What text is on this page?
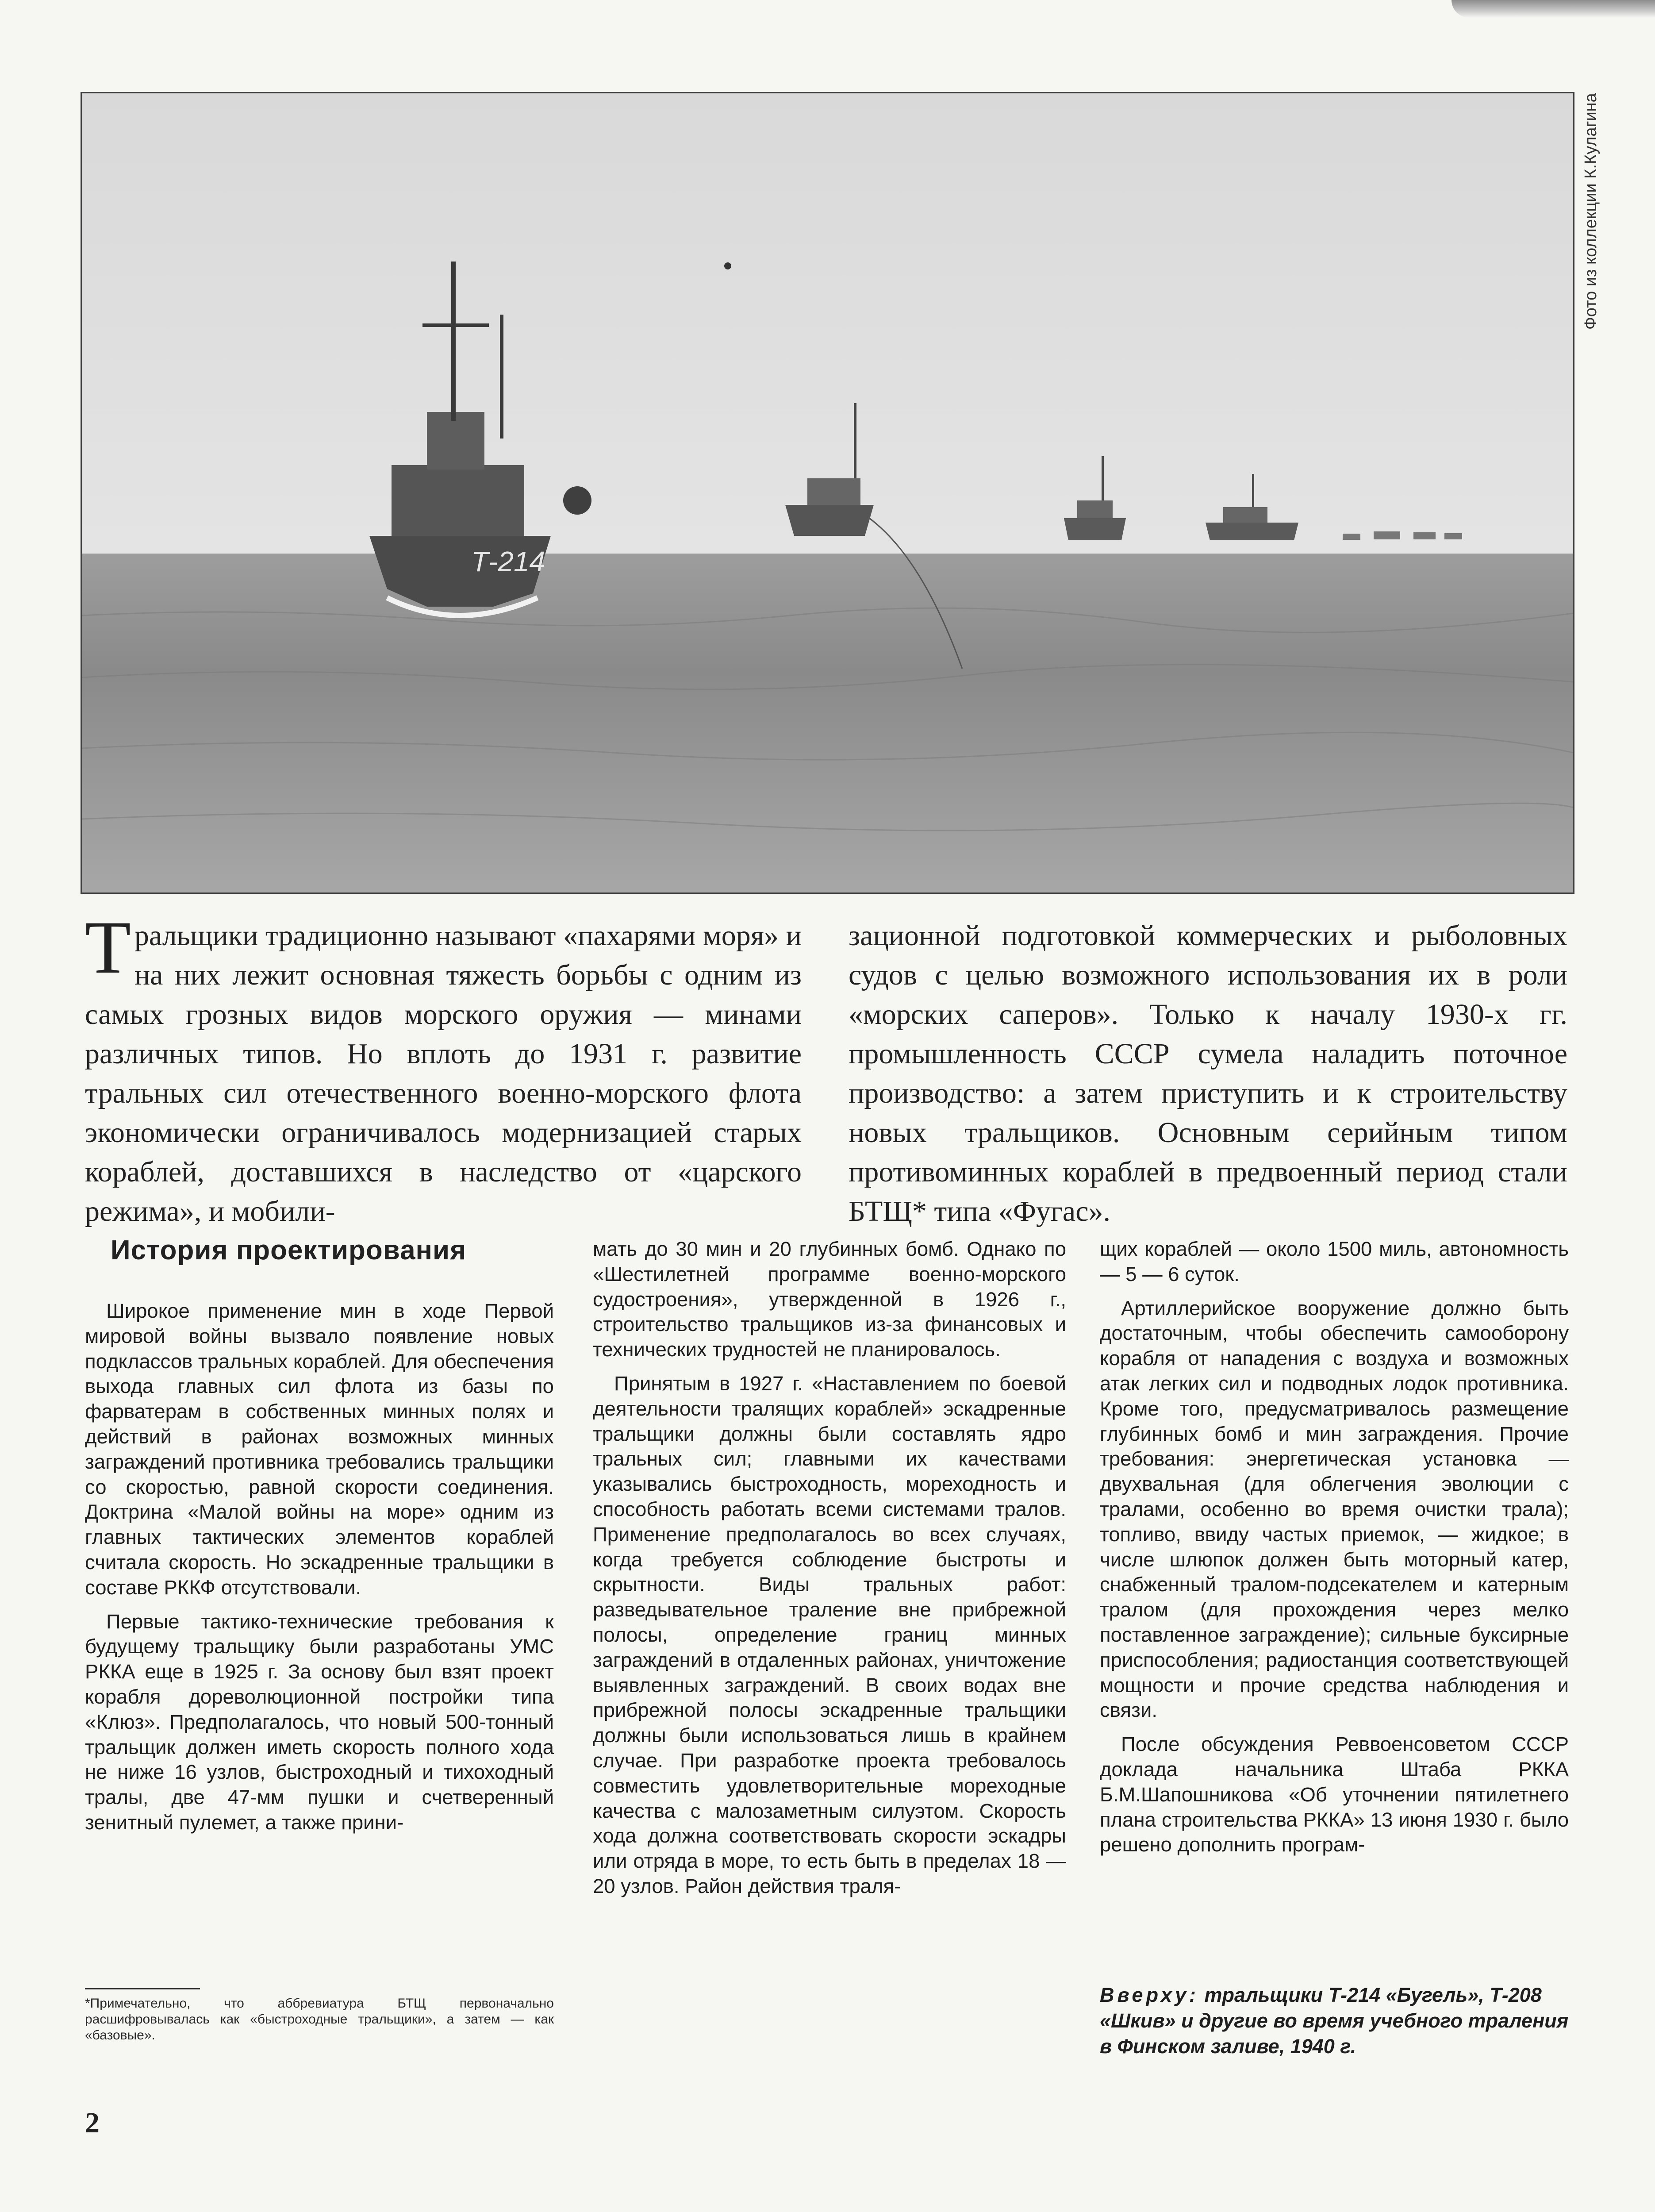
Т-214
Фото из коллекции К.Кулагина
Тральщики традиционно называют «пахарями моря» и на них лежит основная тяжесть борьбы с одним из самых грозных видов морского оружия — минами различных типов. Но вплоть до 1931 г. развитие тральных сил отечественного военно-морского флота экономически ограничивалось модернизацией старых кораблей, доставшихся в наследство от «царского режима», и мобили-
зационной подготовкой коммерческих и рыболовных судов с целью возможного использования их в роли «морских саперов». Только к началу 1930-х гг. промышленность СССР сумела наладить поточное производство: а затем приступить и к строительству новых тральщиков. Основным серийным типом противоминных кораблей в предвоенный период стали БТЩ* типа «Фугас».
История проектирования

Широкое применение мин в ходе Первой мировой войны вызвало появление новых подклассов тральных кораблей. Для обеспечения выхода главных сил флота из базы по фарватерам в собственных минных полях и действий в районах возможных минных заграждений противника требовались тральщики со скоростью, равной скорости соединения. Доктрина «Малой войны на море» одним из главных тактических элементов кораблей считала скорость. Но эскадренные тральщики в составе РККФ отсутствовали.

Первые тактико-технические требования к будущему тральщику были разработаны УМС РККА еще в 1925 г. За основу был взят проект корабля дореволюционной постройки типа «Клюз». Предполагалось, что новый 500-тонный тральщик должен иметь скорость полного хода не ниже 16 узлов, быстроходный и тихоходный тралы, две 47-мм пушки и счетверенный зенитный пулемет, а также прини-

мать до 30 мин и 20 глубинных бомб. Однако по «Шестилетней программе военно-морского судостроения», утвержденной в 1926 г., строительство тральщиков из-за финансовых и технических трудностей не планировалось.

Принятым в 1927 г. «Наставлением по боевой деятельности тралящих кораблей» эскадренные тральщики должны были составлять ядро тральных сил; главными их качествами указывались быстроходность, мореходность и способность работать всеми системами тралов. Применение предполагалось во всех случаях, когда требуется соблюдение быстроты и скрытности. Виды тральных работ: разведывательное траление вне прибрежной полосы, определение границ минных заграждений в отдаленных районах, уничтожение выявленных заграждений. В своих водах вне прибрежной полосы эскадренные тральщики должны были использоваться лишь в крайнем случае. При разработке проекта требовалось совместить удовлетворительные мореходные качества с малозаметным силуэтом. Скорость хода должна соответствовать скорости эскадры или отряда в море, то есть быть в пределах 18 — 20 узлов. Район действия траля-

щих кораблей — около 1500 миль, автономность — 5 — 6 суток.

Артиллерийское вооружение должно быть достаточным, чтобы обеспечить самооборону корабля от нападения с воздуха и возможных атак легких сил и подводных лодок противника. Кроме того, предусматривалось размещение глубинных бомб и мин заграждения. Прочие требования: энергетическая установка — двухвальная (для облегчения эволюции с тралами, особенно во время очистки трала); топливо, ввиду частых приемок, — жидкое; в числе шлюпок должен быть моторный катер, снабженный тралом-подсекателем и катерным тралом (для прохождения через мелко поставленное заграждение); сильные буксирные приспособления; радиостанция соответствующей мощности и прочие средства наблюдения и связи.

После обсуждения Реввоенсоветом СССР доклада начальника Штаба РККА Б.М.Шапошникова «Об уточнении пятилетнего плана строительства РККА» 13 июня 1930 г. было решено дополнить програм-

*Примечательно, что аббревиатура БТЩ первоначально расшифровывалась как «быстроходные тральщики», а затем — как «базовые».
Вверху: тральщики Т-214 «Бугель», Т-208 «Шкив» и другие во время учебного траления в Финском заливе, 1940 г.
2
